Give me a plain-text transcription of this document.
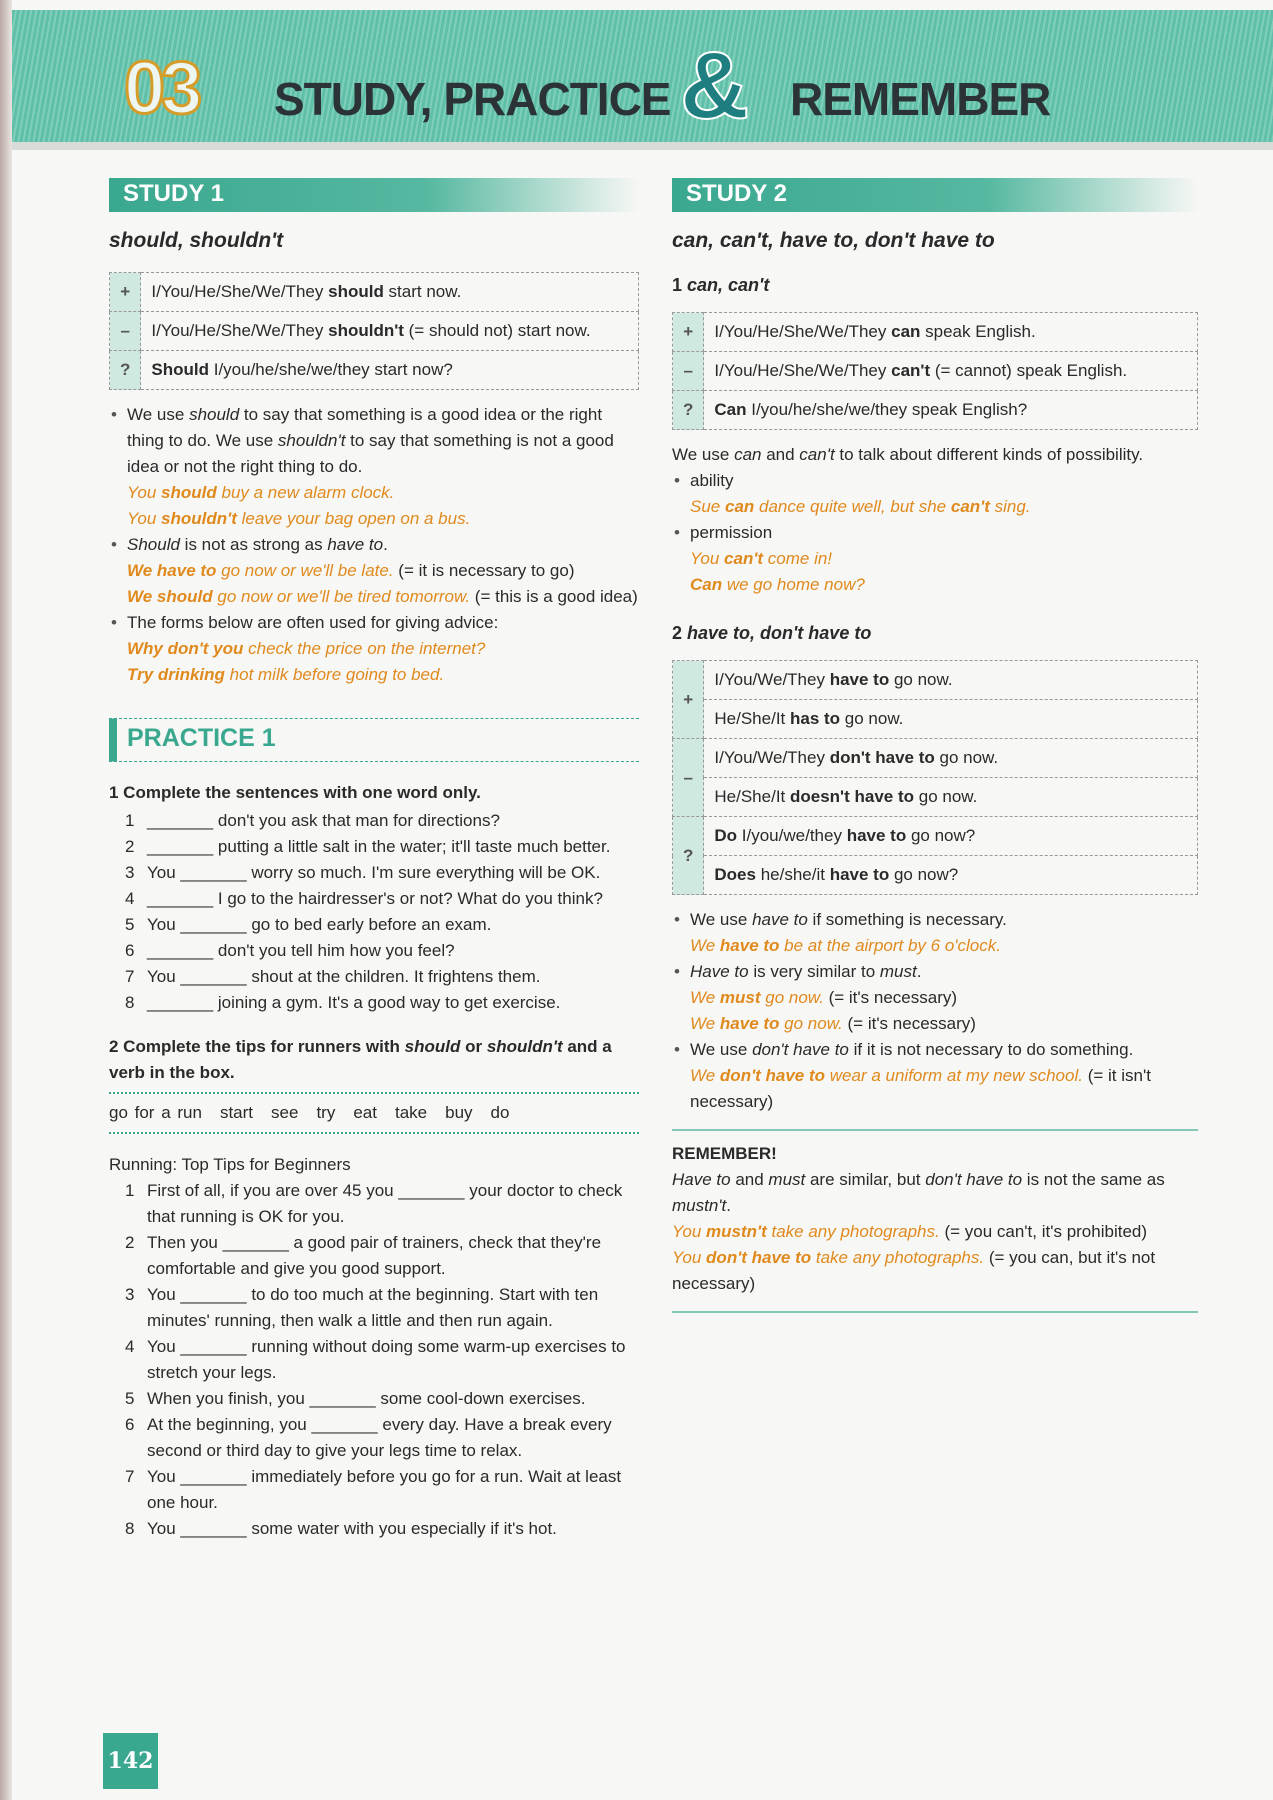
03 STUDY, PRACTICE & REMEMBER
STUDY 1
should, shouldn't
+	I/You/He/She/We/They should start now.
–	I/You/He/She/We/They shouldn't (= should not) start now.
?	Should I/you/he/she/we/they start now?
• We use should to say that something is a good idea or the right thing to do. We use shouldn't to say that something is not a good idea or not the right thing to do.
You should buy a new alarm clock.
You shouldn't leave your bag open on a bus.
• Should is not as strong as have to.
We have to go now or we'll be late. (= it is necessary to go)
We should go now or we'll be tired tomorrow. (= this is a good idea)
• The forms below are often used for giving advice:
Why don't you check the price on the internet?
Try drinking hot milk before going to bed.
PRACTICE 1
1 Complete the sentences with one word only.
1 _______ don't you ask that man for directions?
2 _______ putting a little salt in the water; it'll taste much better.
3 You _______ worry so much. I'm sure everything will be OK.
4 _______ I go to the hairdresser's or not? What do you think?
5 You _______ go to bed early before an exam.
6 _______ don't you tell him how you feel?
7 You _______ shout at the children. It frightens them.
8 _______ joining a gym. It's a good way to get exercise.
2 Complete the tips for runners with should or shouldn't and a verb in the box.
go for a run start see try eat take buy do
Running: Top Tips for Beginners
1 First of all, if you are over 45 you _______ your doctor to check that running is OK for you.
2 Then you _______ a good pair of trainers, check that they're comfortable and give you good support.
3 You _______ to do too much at the beginning. Start with ten minutes' running, then walk a little and then run again.
4 You _______ running without doing some warm-up exercises to stretch your legs.
5 When you finish, you _______ some cool-down exercises.
6 At the beginning, you _______ every day. Have a break every second or third day to give your legs time to relax.
7 You _______ immediately before you go for a run. Wait at least one hour.
8 You _______ some water with you especially if it's hot.
STUDY 2
can, can't, have to, don't have to
1 can, can't
+	I/You/He/She/We/They can speak English.
–	I/You/He/She/We/They can't (= cannot) speak English.
?	Can I/you/he/she/we/they speak English?
We use can and can't to talk about different kinds of possibility.
• ability
Sue can dance quite well, but she can't sing.
• permission
You can't come in!
Can we go home now?
2 have to, don't have to
+	I/You/We/They have to go now.
	He/She/It has to go now.
–	I/You/We/They don't have to go now.
	He/She/It doesn't have to go now.
?	Do I/you/we/they have to go now?
	Does he/she/it have to go now?
• We use have to if something is necessary.
We have to be at the airport by 6 o'clock.
• Have to is very similar to must.
We must go now. (= it's necessary)
We have to go now. (= it's necessary)
• We use don't have to if it is not necessary to do something.
We don't have to wear a uniform at my new school. (= it isn't necessary)
REMEMBER!
Have to and must are similar, but don't have to is not the same as mustn't.
You mustn't take any photographs. (= you can't, it's prohibited)
You don't have to take any photographs. (= you can, but it's not necessary)
142
